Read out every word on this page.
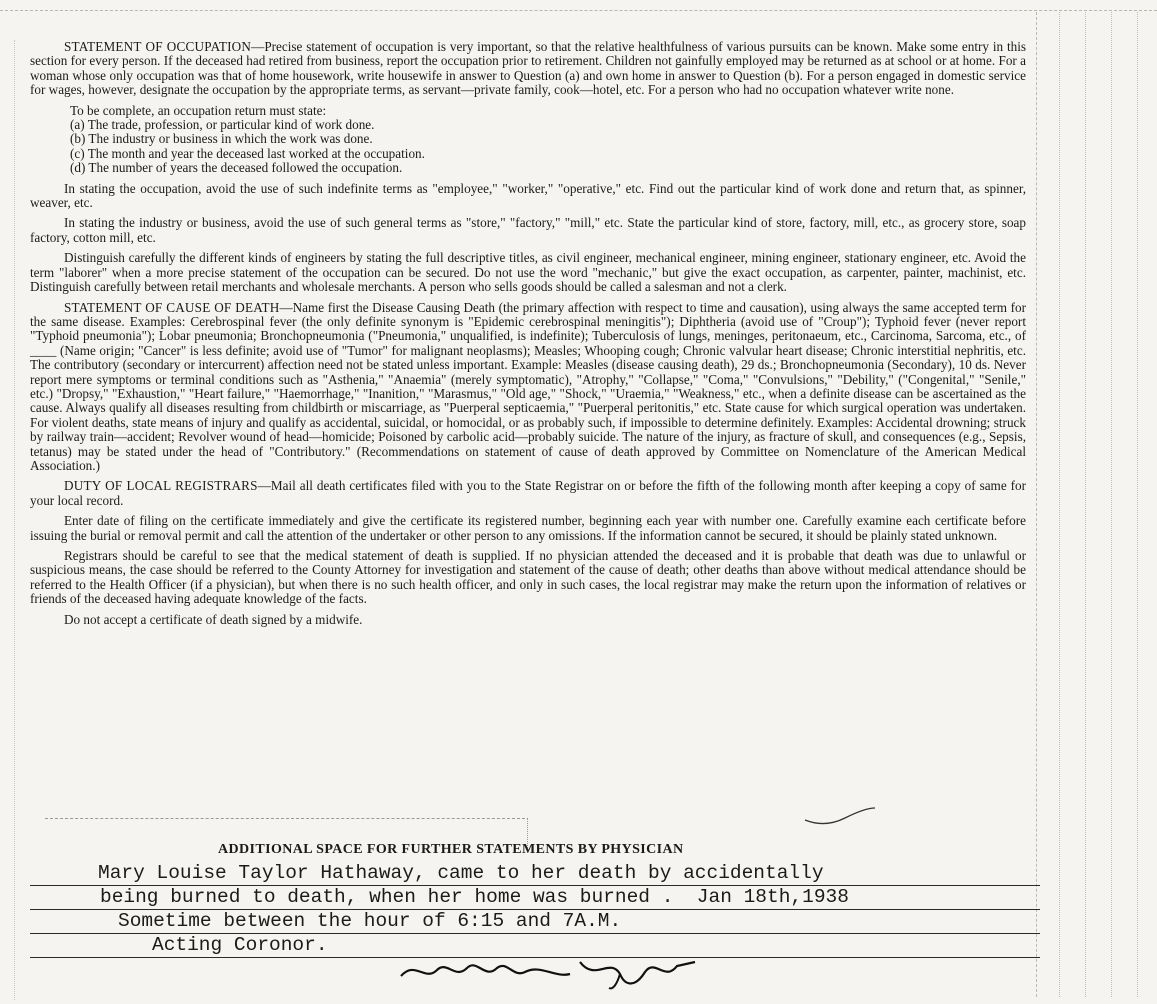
STATEMENT OF OCCUPATION—Precise statement of occupation is very important, so that the relative healthfulness of various pursuits can be known. Make some entry in this section for every person. If the deceased had retired from business, report the occupation prior to retirement. Children not gainfully employed may be returned as at school or at home. For a woman whose only occupation was that of home housework, write housewife in answer to Question (a) and own home in answer to Question (b). For a person engaged in domestic service for wages, however, designate the occupation by the appropriate terms, as servant—private family, cook—hotel, etc. For a person who had no occupation whatever write none.

To be complete, an occupation return must state:

(a) The trade, profession, or particular kind of work done.
(b) The industry or business in which the work was done.
(c) The month and year the deceased last worked at the occupation.
(d) The number of years the deceased followed the occupation.

In stating the occupation, avoid the use of such indefinite terms as "employee," "worker," "operative," etc. Find out the particular kind of work done and return that, as spinner, weaver, etc.

In stating the industry or business, avoid the use of such general terms as "store," "factory," "mill," etc. State the particular kind of store, factory, mill, etc., as grocery store, soap factory, cotton mill, etc.

Distinguish carefully the different kinds of engineers by stating the full descriptive titles, as civil engineer, mechanical engineer, mining engineer, stationary engineer, etc. Avoid the term "laborer" when a more precise statement of the occupation can be secured. Do not use the word "mechanic," but give the exact occupation, as carpenter, painter, machinist, etc. Distinguish carefully between retail merchants and wholesale merchants. A person who sells goods should be called a salesman and not a clerk.

STATEMENT OF CAUSE OF DEATH—Name first the Disease Causing Death (the primary affection with respect to time and causation), using always the same accepted term for the same disease. Examples: Cerebrospinal fever (the only definite synonym is "Epidemic cerebrospinal meningitis"); Diphtheria (avoid use of "Croup"); Typhoid fever (never report "Typhoid pneumonia"); Lobar pneumonia; Bronchopneumonia ("Pneumonia," unqualified, is indefinite); Tuberculosis of lungs, meninges, peritonaeum, etc., Carcinoma, Sarcoma, etc., of ____ (Name origin; "Cancer" is less definite; avoid use of "Tumor" for malignant neoplasms); Measles; Whooping cough; Chronic valvular heart disease; Chronic interstitial nephritis, etc. The contributory (secondary or intercurrent) affection need not be stated unless important. Example: Measles (disease causing death), 29 ds.; Bronchopneumonia (Secondary), 10 ds. Never report mere symptoms or terminal conditions such as "Asthenia," "Anaemia" (merely symptomatic), "Atrophy," "Collapse," "Coma," "Convulsions," "Debility," ("Congenital," "Senile," etc.) "Dropsy," "Exhaustion," "Heart failure," "Haemorrhage," "Inanition," "Marasmus," "Old age," "Shock," "Uraemia," "Weakness," etc., when a definite disease can be ascertained as the cause. Always qualify all diseases resulting from childbirth or miscarriage, as "Puerperal septicaemia," "Puerperal peritonitis," etc. State cause for which surgical operation was undertaken. For violent deaths, state means of injury and qualify as accidental, suicidal, or homocidal, or as probably such, if impossible to determine definitely. Examples: Accidental drowning; struck by railway train—accident; Revolver wound of head—homicide; Poisoned by carbolic acid—probably suicide. The nature of the injury, as fracture of skull, and consequences (e.g., Sepsis, tetanus) may be stated under the head of "Contributory." (Recommendations on statement of cause of death approved by Committee on Nomenclature of the American Medical Association.)

DUTY OF LOCAL REGISTRARS—Mail all death certificates filed with you to the State Registrar on or before the fifth of the following month after keeping a copy of same for your local record.

Enter date of filing on the certificate immediately and give the certificate its registered number, beginning each year with number one. Carefully examine each certificate before issuing the burial or removal permit and call the attention of the undertaker or other person to any omissions. If the information cannot be secured, it should be plainly stated unknown.

Registrars should be careful to see that the medical statement of death is supplied. If no physician attended the deceased and it is probable that death was due to unlawful or suspicious means, the case should be referred to the County Attorney for investigation and statement of the cause of death; other deaths than above without medical attendance should be referred to the Health Officer (if a physician), but when there is no such health officer, and only in such cases, the local registrar may make the return upon the information of relatives or friends of the deceased having adequate knowledge of the facts.

Do not accept a certificate of death signed by a midwife.

ADDITIONAL SPACE FOR FURTHER STATEMENTS BY PHYSICIAN
Mary Louise Taylor Hathaway, came to her death by accidentally
being burned to death, when her home was burned .  Jan 18th,1938
Sometime between the hour of 6:15 and 7A.M.
Acting Coronor.
